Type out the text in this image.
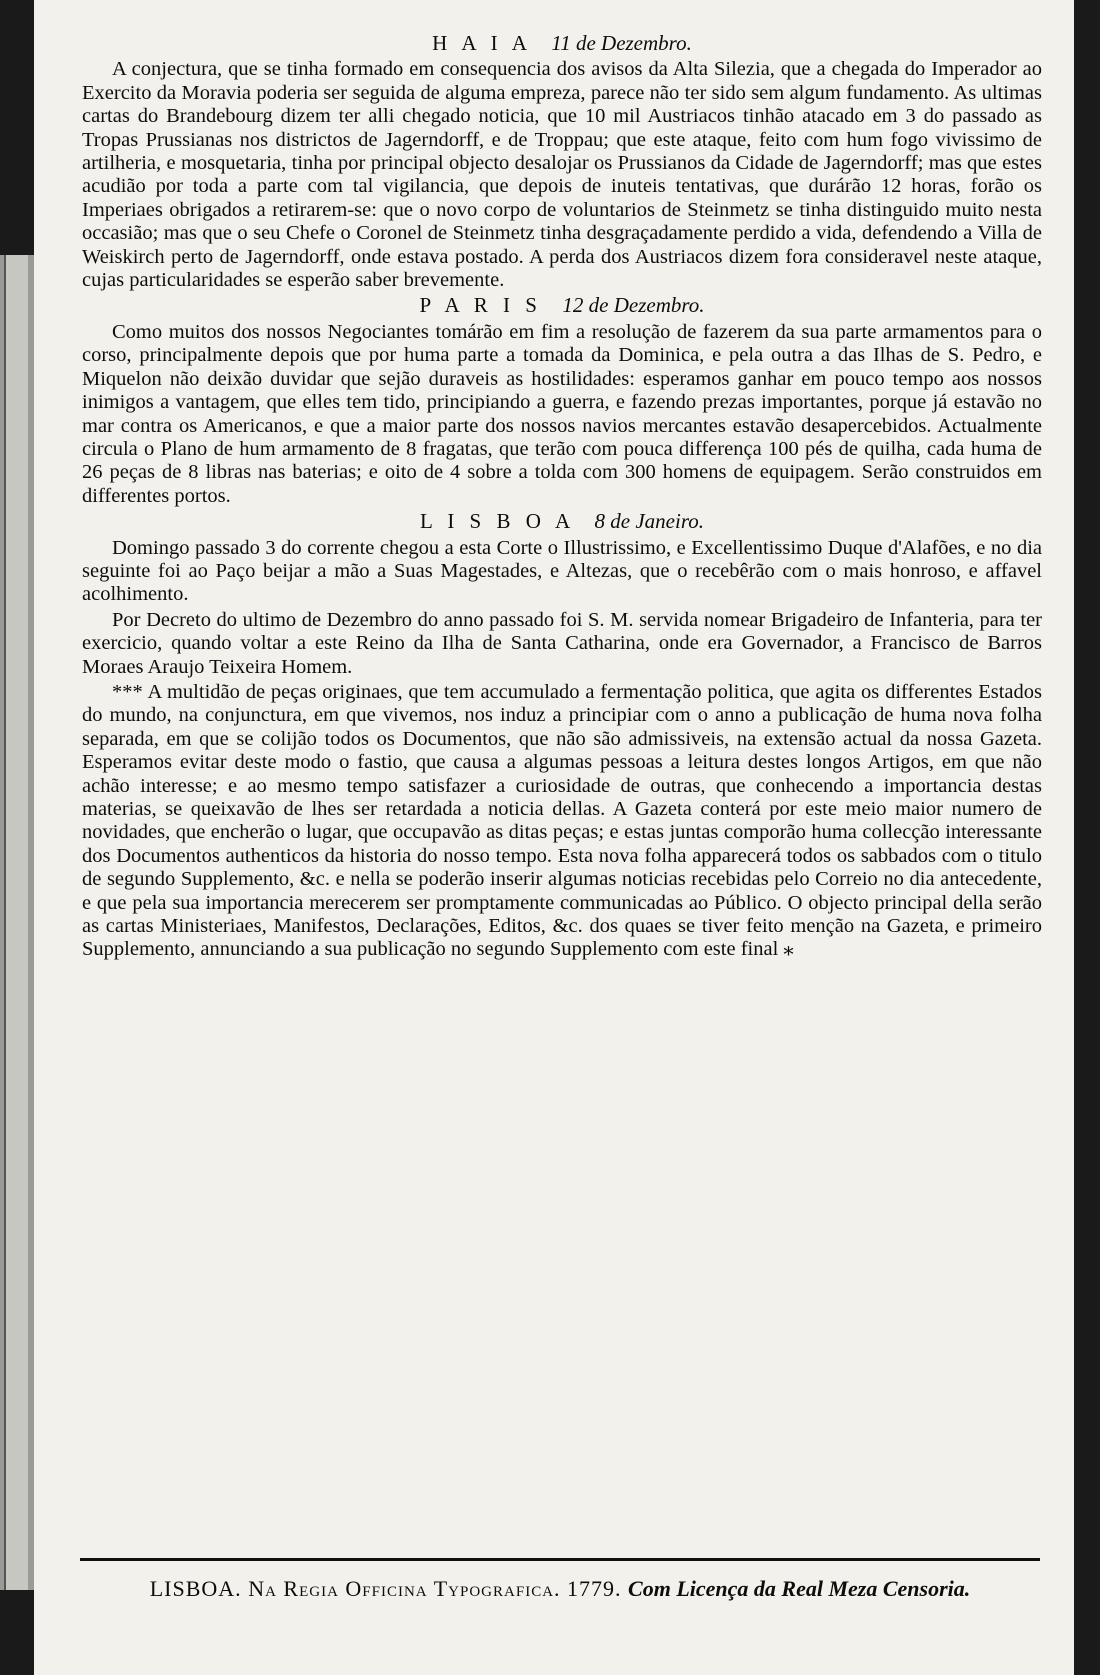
H A I A 11 de Dezembro.

A conjectura, que se tinha formado em consequencia dos avisos da Alta Silezia, que a chegada do Imperador ao Exercito da Moravia poderia ser seguida de alguma empreza, parece não ter sido sem algum fundamento. As ultimas cartas do Brandebourg dizem ter alli chegado noticia, que 10 mil Austriacos tinhão atacado em 3 do passado as Tropas Prussianas nos districtos de Jagerndorff, e de Troppau; que este ataque, feito com hum fogo vivissimo de artilheria, e mosquetaria, tinha por principal objecto desalojar os Prussianos da Cidade de Jagerndorff; mas que estes acudião por toda a parte com tal vigilancia, que depois de inuteis tentativas, que durárão 12 horas, forão os Imperiaes obrigados a retirarem-se: que o novo corpo de voluntarios de Steinmetz se tinha distinguido muito nesta occasião; mas que o seu Chefe o Coronel de Steinmetz tinha desgraçadamente perdido a vida, defendendo a Villa de Weiskirch perto de Jagerndorff, onde estava postado. A perda dos Austriacos dizem fora consideravel neste ataque, cujas particularidades se esperão saber brevemente.

P A R I S 12 de Dezembro.

Como muitos dos nossos Negociantes tomárão em fim a resolução de fazerem da sua parte armamentos para o corso, principalmente depois que por huma parte a tomada da Dominica, e pela outra a das Ilhas de S. Pedro, e Miquelon não deixão duvidar que sejão duraveis as hostilidades: esperamos ganhar em pouco tempo aos nossos inimigos a vantagem, que elles tem tido, principiando a guerra, e fazendo prezas importantes, porque já estavão no mar contra os Americanos, e que a maior parte dos nossos navios mercantes estavão desapercebidos. Actualmente circula o Plano de hum armamento de 8 fragatas, que terão com pouca differença 100 pés de quilha, cada huma de 26 peças de 8 libras nas baterias; e oito de 4 sobre a tolda com 300 homens de equipagem. Serão construidos em differentes portos.

L I S B O A 8 de Janeiro.

Domingo passado 3 do corrente chegou a esta Corte o Illustrissimo, e Excellentissimo Duque d'Alafões, e no dia seguinte foi ao Paço beijar a mão a Suas Magestades, e Altezas, que o recebêrão com o mais honroso, e affavel acolhimento.

Por Decreto do ultimo de Dezembro do anno passado foi S. M. servida nomear Brigadeiro de Infanteria, para ter exercicio, quando voltar a este Reino da Ilha de Santa Catharina, onde era Governador, a Francisco de Barros Moraes Araujo Teixeira Homem.

*** A multidão de peças originaes, que tem accumulado a fermentação politica, que agita os differentes Estados do mundo, na conjunctura, em que vivemos, nos induz a principiar com o anno a publicação de huma nova folha separada, em que se colijão todos os Documentos, que não são admissiveis, na extensão actual da nossa Gazeta. Esperamos evitar deste modo o fastio, que causa a algumas pessoas a leitura destes longos Artigos, em que não achão interesse; e ao mesmo tempo satisfazer a curiosidade de outras, que conhecendo a importancia destas materias, se queixavão de lhes ser retardada a noticia dellas. A Gazeta conterá por este meio maior numero de novidades, que encherão o lugar, que occupavão as ditas peças; e estas juntas comporão huma collecção interessante dos Documentos authenticos da historia do nosso tempo. Esta nova folha apparecerá todos os sabbados com o titulo de segundo Supplemento, &c. e nella se poderão inserir algumas noticias recebidas pelo Correio no dia antecedente, e que pela sua importancia merecerem ser promptamente communicadas ao Público. O objecto principal della serão as cartas Ministeriaes, Manifestos, Declarações, Editos, &c. dos quaes se tiver feito menção na Gazeta, e primeiro Supplemento, annunciando a sua publicação no segundo Supplemento com este final ⁎

LISBOA. Na Regia Officina Typografica. 1779. Com Licença da Real Meza Censoria.
